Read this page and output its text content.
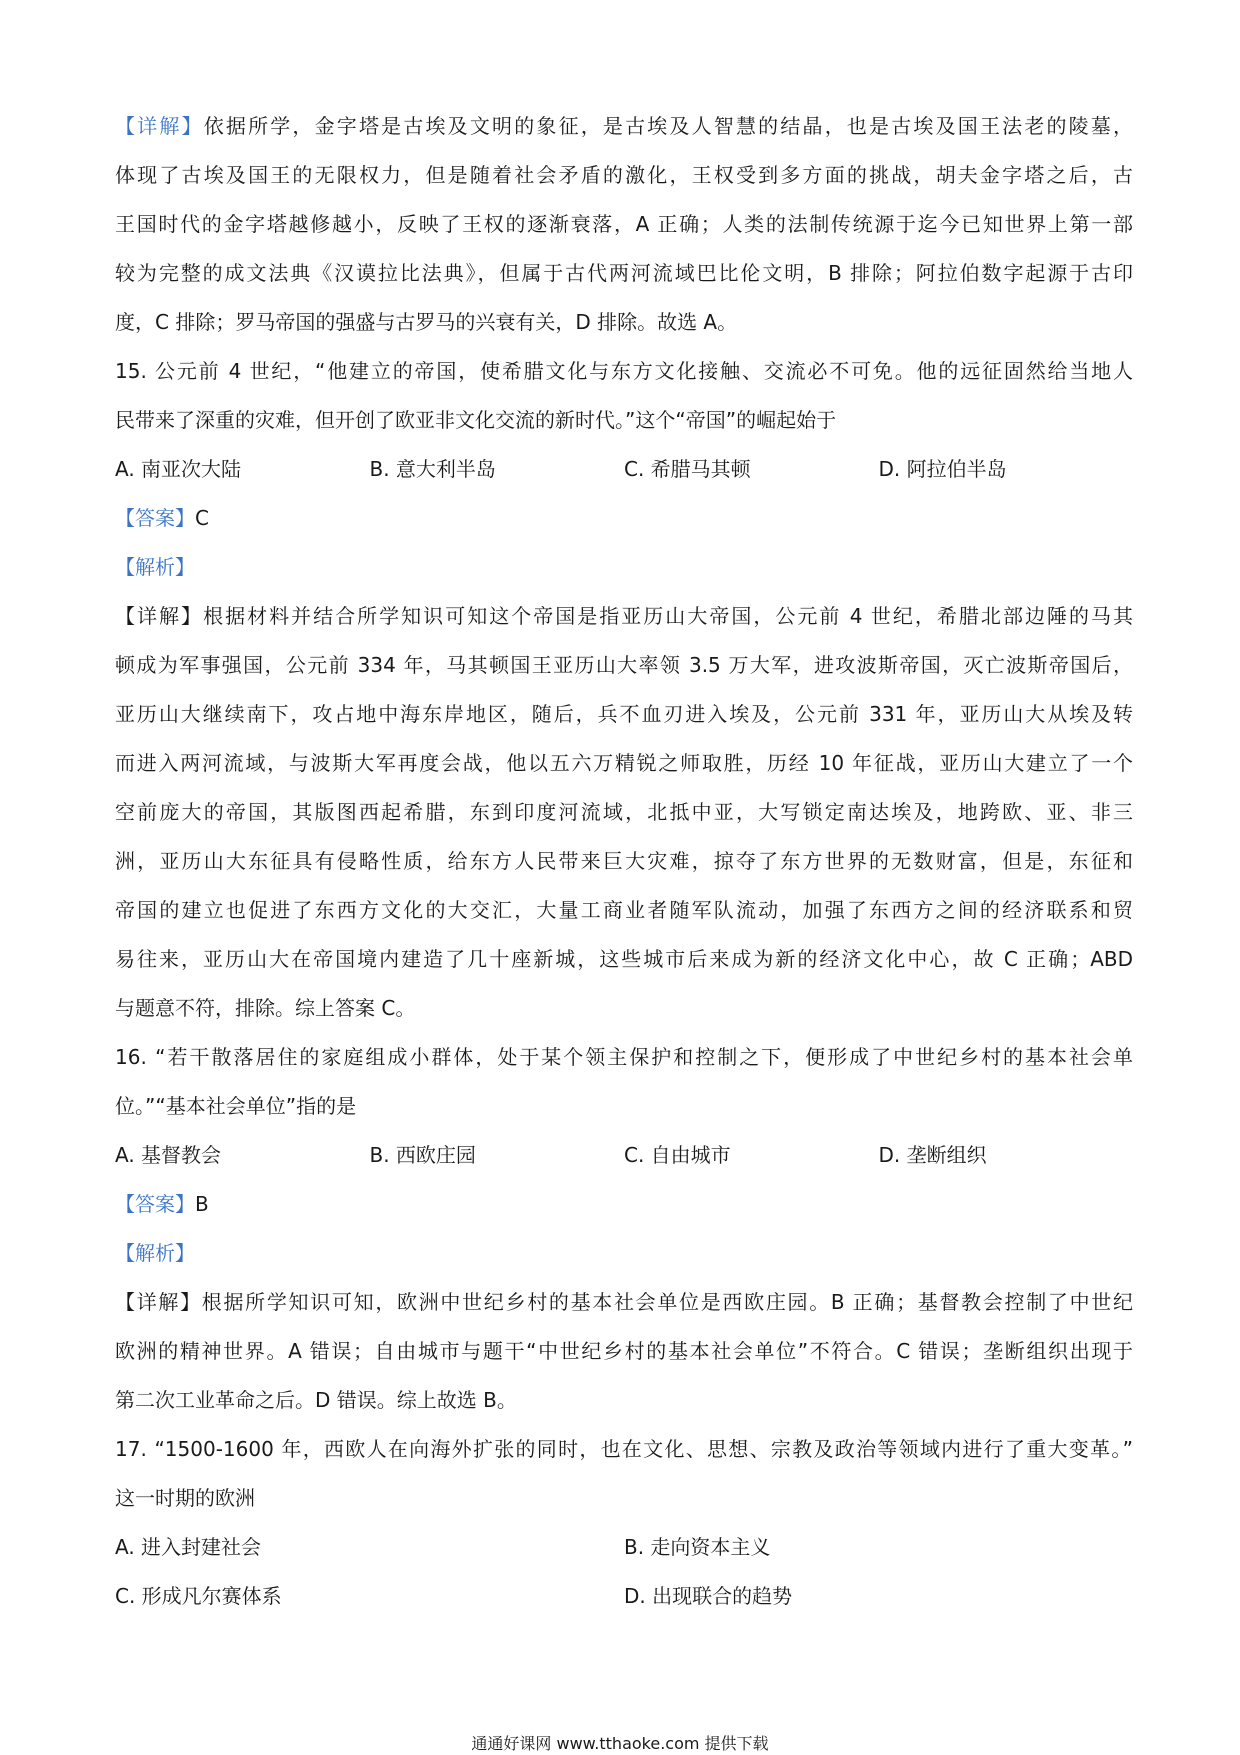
【详解】依据所学，金字塔是古埃及文明的象征，是古埃及人智慧的结晶，也是古埃及国王法老的陵墓，
体现了古埃及国王的无限权力，但是随着社会矛盾的激化，王权受到多方面的挑战，胡夫金字塔之后，古
王国时代的金字塔越修越小，反映了王权的逐渐衰落，A 正确；人类的法制传统源于迄今已知世界上第一部
较为完整的成文法典《汉谟拉比法典》，但属于古代两河流域巴比伦文明，B 排除；阿拉伯数字起源于古印
度，C 排除；罗马帝国的强盛与古罗马的兴衰有关，D 排除。故选 A。
15. 公元前 4 世纪，“他建立的帝国，使希腊文化与东方文化接触、交流必不可免。他的远征固然给当地人
民带来了深重的灾难，但开创了欧亚非文化交流的新时代。”这个“帝国”的崛起始于
A. 南亚次大陆	B. 意大利半岛	C. 希腊马其顿	D. 阿拉伯半岛
【答案】C
【解析】
【详解】根据材料并结合所学知识可知这个帝国是指亚历山大帝国，公元前 4 世纪，希腊北部边陲的马其
顿成为军事强国，公元前 334 年，马其顿国王亚历山大率领 3.5 万大军，进攻波斯帝国，灭亡波斯帝国后，
亚历山大继续南下，攻占地中海东岸地区，随后，兵不血刃进入埃及，公元前 331 年，亚历山大从埃及转
而进入两河流域，与波斯大军再度会战，他以五六万精锐之师取胜，历经 10 年征战，亚历山大建立了一个
空前庞大的帝国，其版图西起希腊，东到印度河流域，北抵中亚，大写锁定南达埃及，地跨欧、亚、非三
洲，亚历山大东征具有侵略性质，给东方人民带来巨大灾难，掠夺了东方世界的无数财富，但是，东征和
帝国的建立也促进了东西方文化的大交汇，大量工商业者随军队流动，加强了东西方之间的经济联系和贸
易往来，亚历山大在帝国境内建造了几十座新城，这些城市后来成为新的经济文化中心，故 C 正确；ABD
与题意不符，排除。综上答案 C。
16. “若干散落居住的家庭组成小群体，处于某个领主保护和控制之下，便形成了中世纪乡村的基本社会单
位。”“基本社会单位”指的是
A. 基督教会	B. 西欧庄园	C. 自由城市	D. 垄断组织
【答案】B
【解析】
【详解】根据所学知识可知，欧洲中世纪乡村的基本社会单位是西欧庄园。B 正确；基督教会控制了中世纪
欧洲的精神世界。A 错误；自由城市与题干“中世纪乡村的基本社会单位”不符合。C 错误；垄断组织出现于
第二次工业革命之后。D 错误。综上故选 B。
17. “1500-1600 年，西欧人在向海外扩张的同时，也在文化、思想、宗教及政治等领域内进行了重大变革。”
这一时期的欧洲
A. 进入封建社会	B. 走向资本主义
C. 形成凡尔赛体系	D. 出现联合的趋势
通通好课网 www.tthaoke.com 提供下载
